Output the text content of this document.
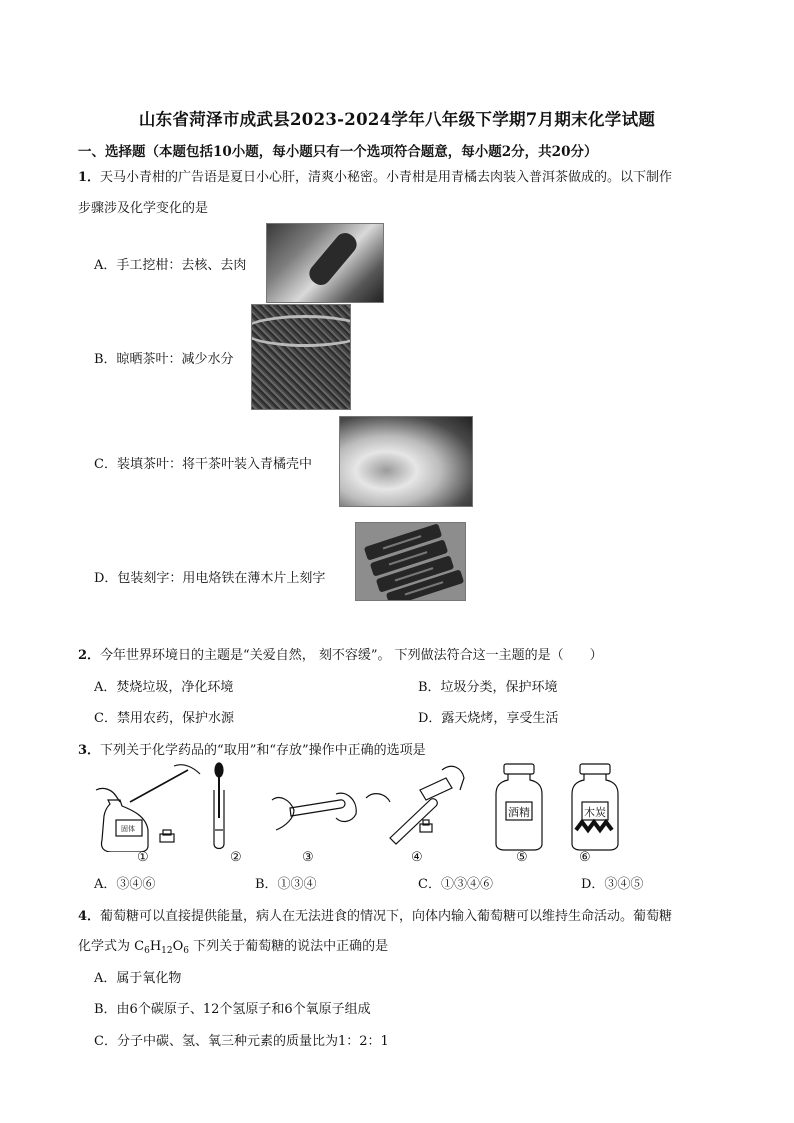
山东省菏泽市成武县2023-2024学年八年级下学期7月期末化学试题
一、选择题（本题包括10小题，每小题只有一个选项符合题意，每小题2分，共20分）
1．天马小青柑的广告语是夏日小心肝，清爽小秘密。小青柑是用青橘去肉装入普洱茶做成的。以下制作
步骤涉及化学变化的是
A．手工挖柑：去核、去肉
B．晾晒茶叶：减少水分
C．装填茶叶：将干茶叶装入青橘壳中
D．包装刻字：用电烙铁在薄木片上刻字
2．今年世界环境日的主题是“关爱自然， 刻不容缓”。 下列做法符合这一主题的是（　　）
A．焚烧垃圾，净化环境	B．垃圾分类，保护环境
C．禁用农药，保护水源	D．露天烧烤，享受生活
3．下列关于化学药品的“取用”和“存放”操作中正确的选项是
固体
酒精	木炭
①	②	③	④	⑤	⑥
A．③④⑥	B．①③④	C．①③④⑥	D．③④⑤
4．葡萄糖可以直接提供能量，病人在无法进食的情况下，向体内输入葡萄糖可以维持生命活动。葡萄糖
化学式为 $C_6H_{12}O_6$ 下列关于葡萄糖的说法中正确的是
A．属于氧化物
B．由6个碳原子、12个氢原子和6个氧原子组成
C．分子中碳、氢、氧三种元素的质量比为1：2：1
